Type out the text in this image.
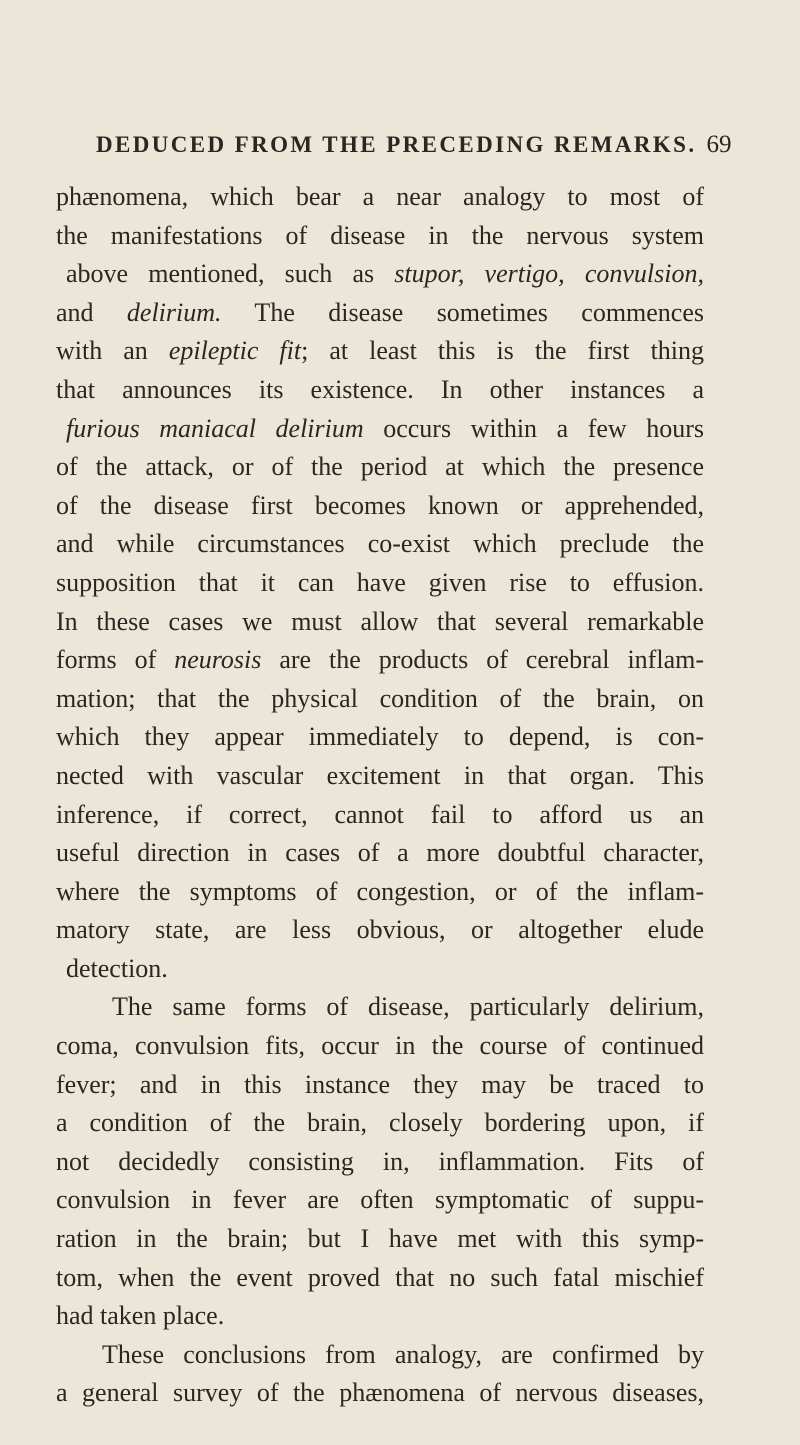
DEDUCED FROM THE PRECEDING REMARKS. 69
phænomena, which bear a near analogy to most of
the manifestations of disease in the nervous system
above mentioned, such as stupor, vertigo, convulsion,
and delirium. The disease sometimes commences
with an epileptic fit; at least this is the first thing
that announces its existence. In other instances a
furious maniacal delirium occurs within a few hours
of the attack, or of the period at which the presence
of the disease first becomes known or apprehended,
and while circumstances co-exist which preclude the
supposition that it can have given rise to effusion.
In these cases we must allow that several remarkable
forms of neurosis are the products of cerebral inflam-
mation; that the physical condition of the brain, on
which they appear immediately to depend, is con-
nected with vascular excitement in that organ. This
inference, if correct, cannot fail to afford us an
useful direction in cases of a more doubtful character,
where the symptoms of congestion, or of the inflam-
matory state, are less obvious, or altogether elude
detection.
The same forms of disease, particularly delirium,
coma, convulsion fits, occur in the course of continued
fever; and in this instance they may be traced to
a condition of the brain, closely bordering upon, if
not decidedly consisting in, inflammation. Fits of
convulsion in fever are often symptomatic of suppu-
ration in the brain; but I have met with this symp-
tom, when the event proved that no such fatal mischief
had taken place.
These conclusions from analogy, are confirmed by
a general survey of the phænomena of nervous diseases,
